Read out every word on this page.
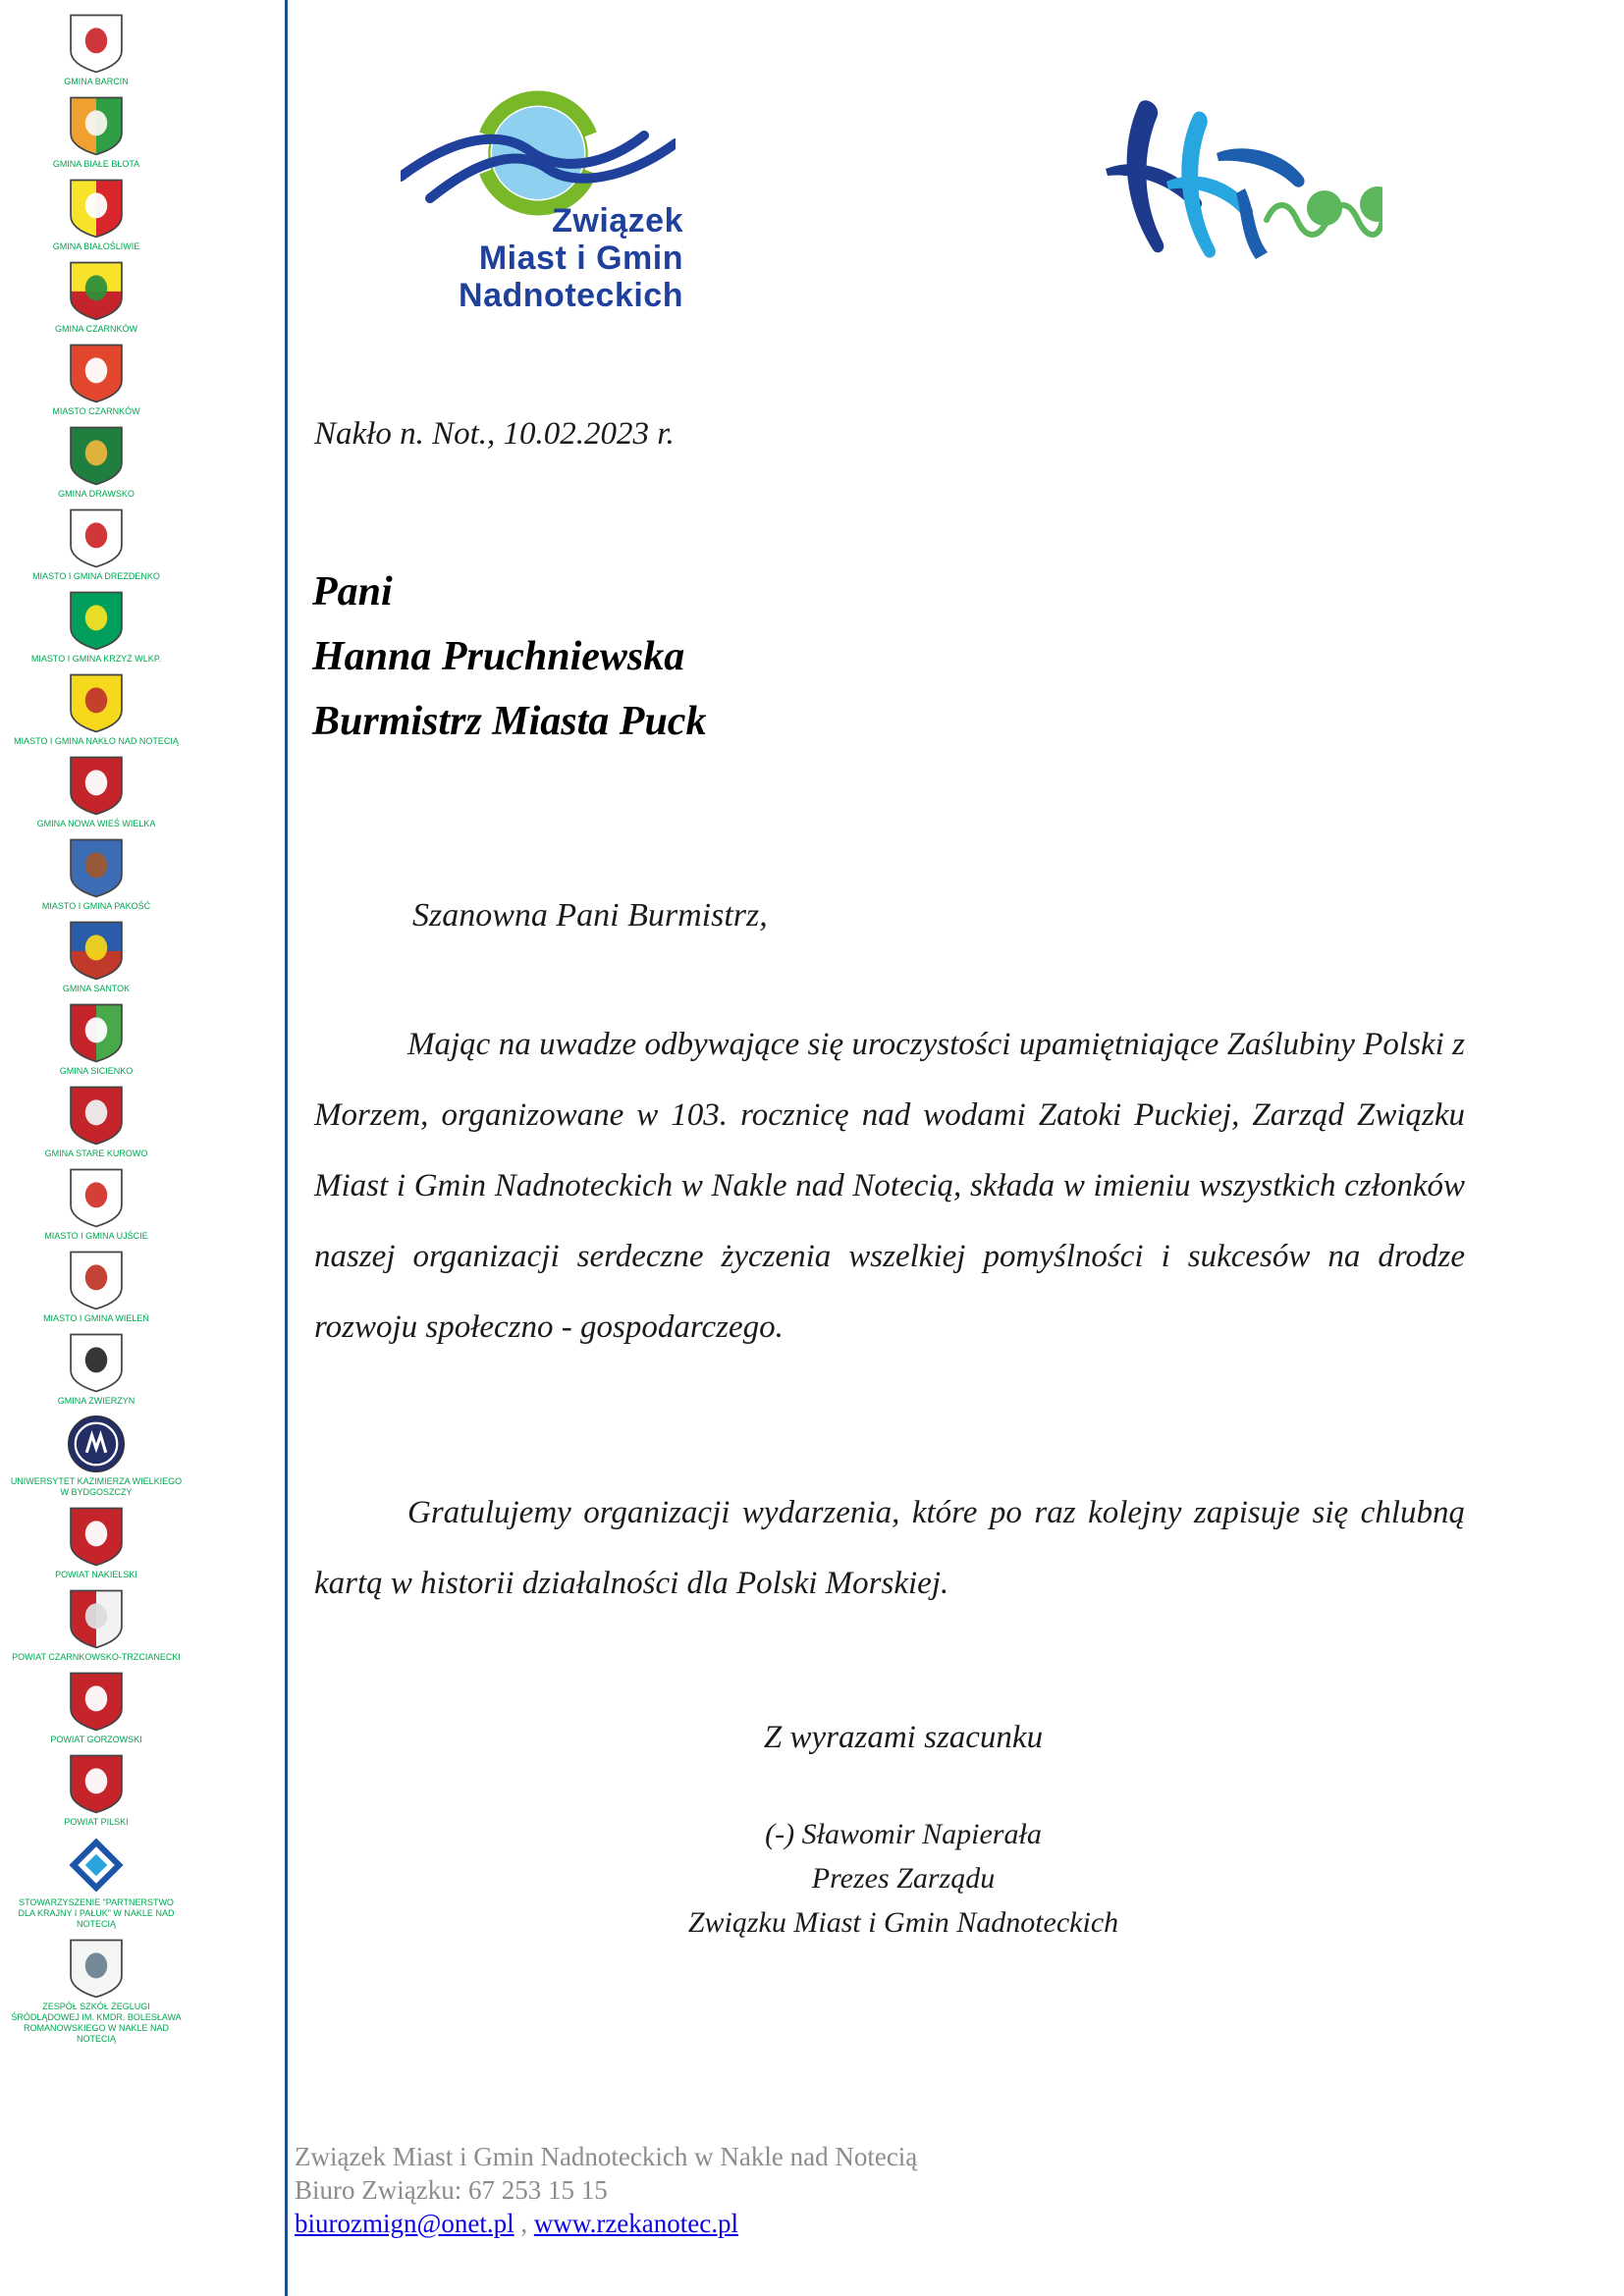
GMINA BARCIN
GMINA BIAŁE BŁOTA
GMINA BIAŁOŚLIWIE
GMINA CZARNKÓW
MIASTO CZARNKÓW
GMINA DRAWSKO
MIASTO I GMINA DREZDENKO
MIASTO I GMINA KRZYŻ WLKP.
MIASTO I GMINA NAKŁO NAD NOTECIĄ
GMINA NOWA WIEŚ WIELKA
MIASTO I GMINA PAKOŚĆ
GMINA SANTOK
GMINA SICIENKO
GMINA STARE KUROWO
MIASTO I GMINA UJŚCIE
MIASTO I GMINA WIELEŃ
GMINA ZWIERZYN
UNIWERSYTET KAZIMIERZA WIELKIEGO W BYDGOSZCZY
POWIAT NAKIELSKI
POWIAT CZARNKOWSKO-TRZCIANECKI
POWIAT GORZOWSKI
POWIAT PILSKI
STOWARZYSZENIE "PARTNERSTWO DLA KRAJNY I PAŁUK" W NAKLE NAD NOTECIĄ
ZESPÓŁ SZKÓŁ ŻEGLUGI ŚRÓDLĄDOWEJ IM. KMDR. BOLESŁAWA ROMANOWSKIEGO W NAKLE NAD NOTECIĄ
Związek
Miast i Gmin
Nadnoteckich
Nakło n. Not., 10.02.2023 r.
Pani
Hanna Pruchniewska
Burmistrz Miasta Puck
Szanowna Pani Burmistrz,

Mając na uwadze odbywające się uroczystości upamiętniające Zaślubiny Polski z Morzem, organizowane w 103. rocznicę nad wodami Zatoki Puckiej, Zarząd Związku Miast i Gmin Nadnoteckich w Nakle nad Notecią, składa w imieniu wszystkich członków naszej organizacji serdeczne życzenia wszelkiej pomyślności i sukcesów na drodze rozwoju społeczno - gospodarczego.

Gratulujemy organizacji wydarzenia, które po raz kolejny zapisuje się chlubną kartą w historii działalności dla Polski Morskiej.

Z wyrazami szacunku
(-) Sławomir Napierała
Prezes Zarządu
Związku Miast i Gmin Nadnoteckich
Związek Miast i Gmin Nadnoteckich w Nakle nad Notecią
Biuro Związku: 67 253 15 15
biurozmign@onet.pl , www.rzekanotec.pl
